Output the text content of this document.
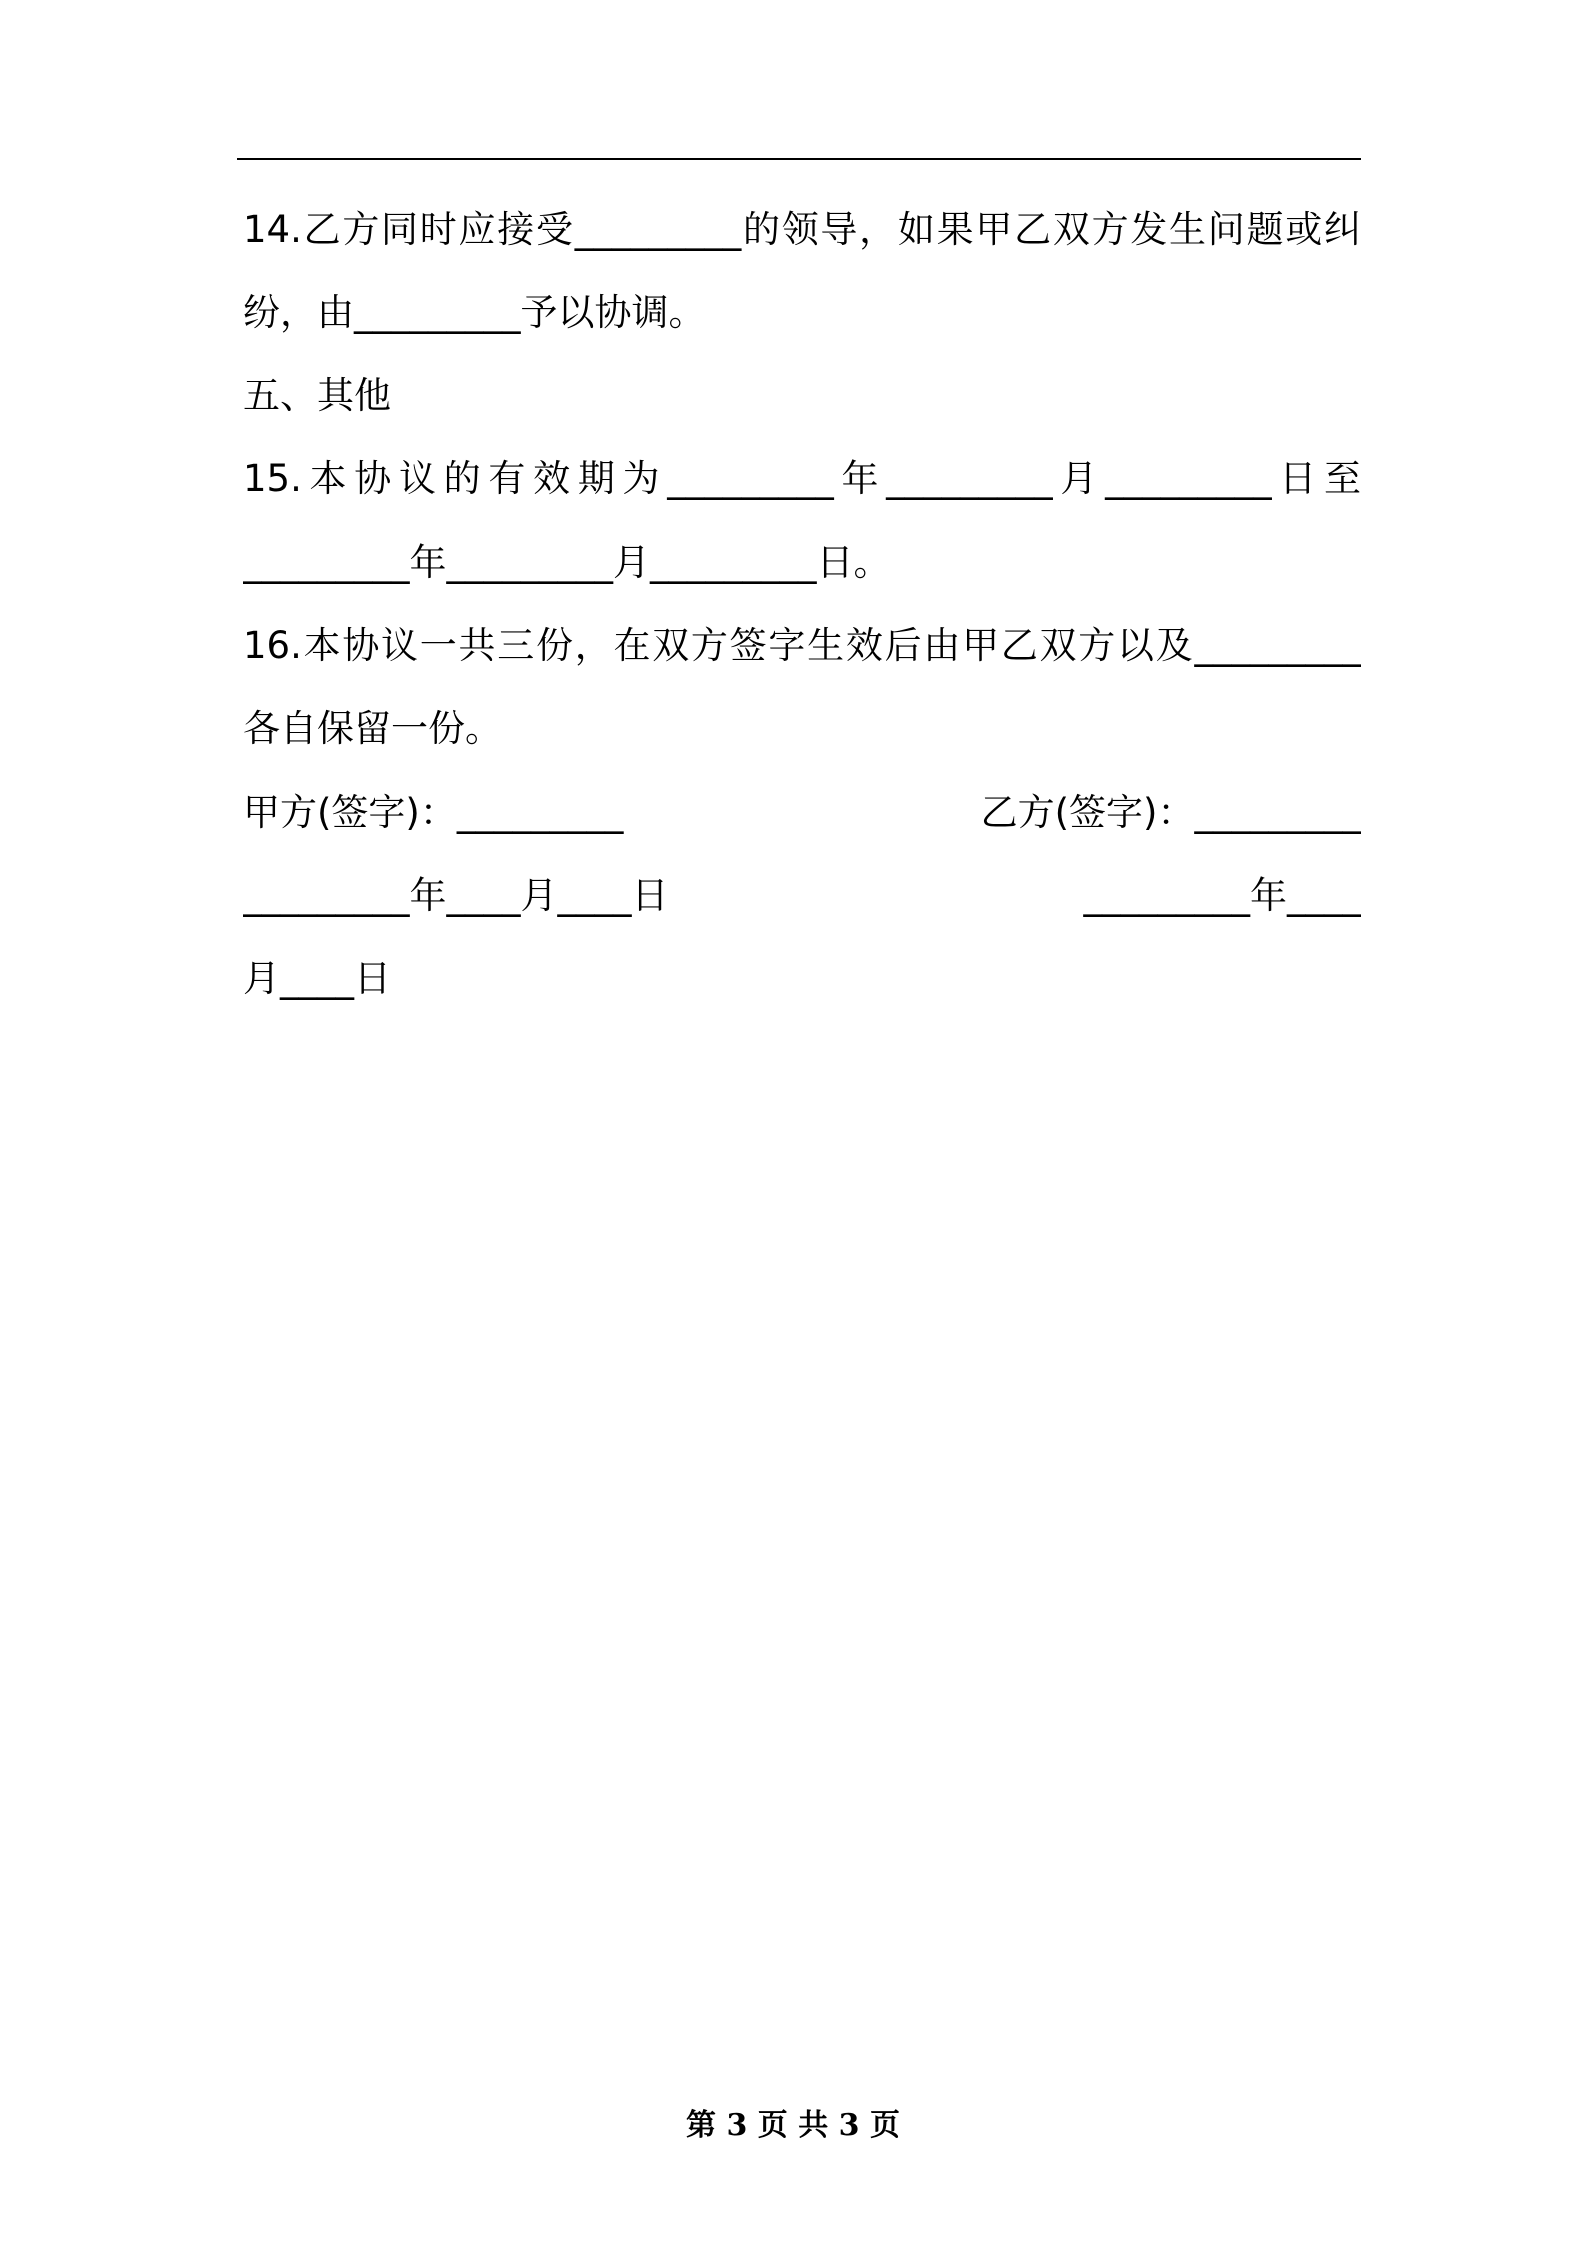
14.乙方同时应接受_________的领导，如果甲乙双方发生问题或纠
纷，由_________予以协调。
五、其他
15.本协议的有效期为_________年_________月_________日至
_________年_________月_________日。
16.本协议一共三份，在双方签字生效后由甲乙双方以及_________
各自保留一份。
甲方(签字)：_________	乙方(签字)：_________
_________年____月____日	_________年____
月____日
第 3 页 共 3 页
